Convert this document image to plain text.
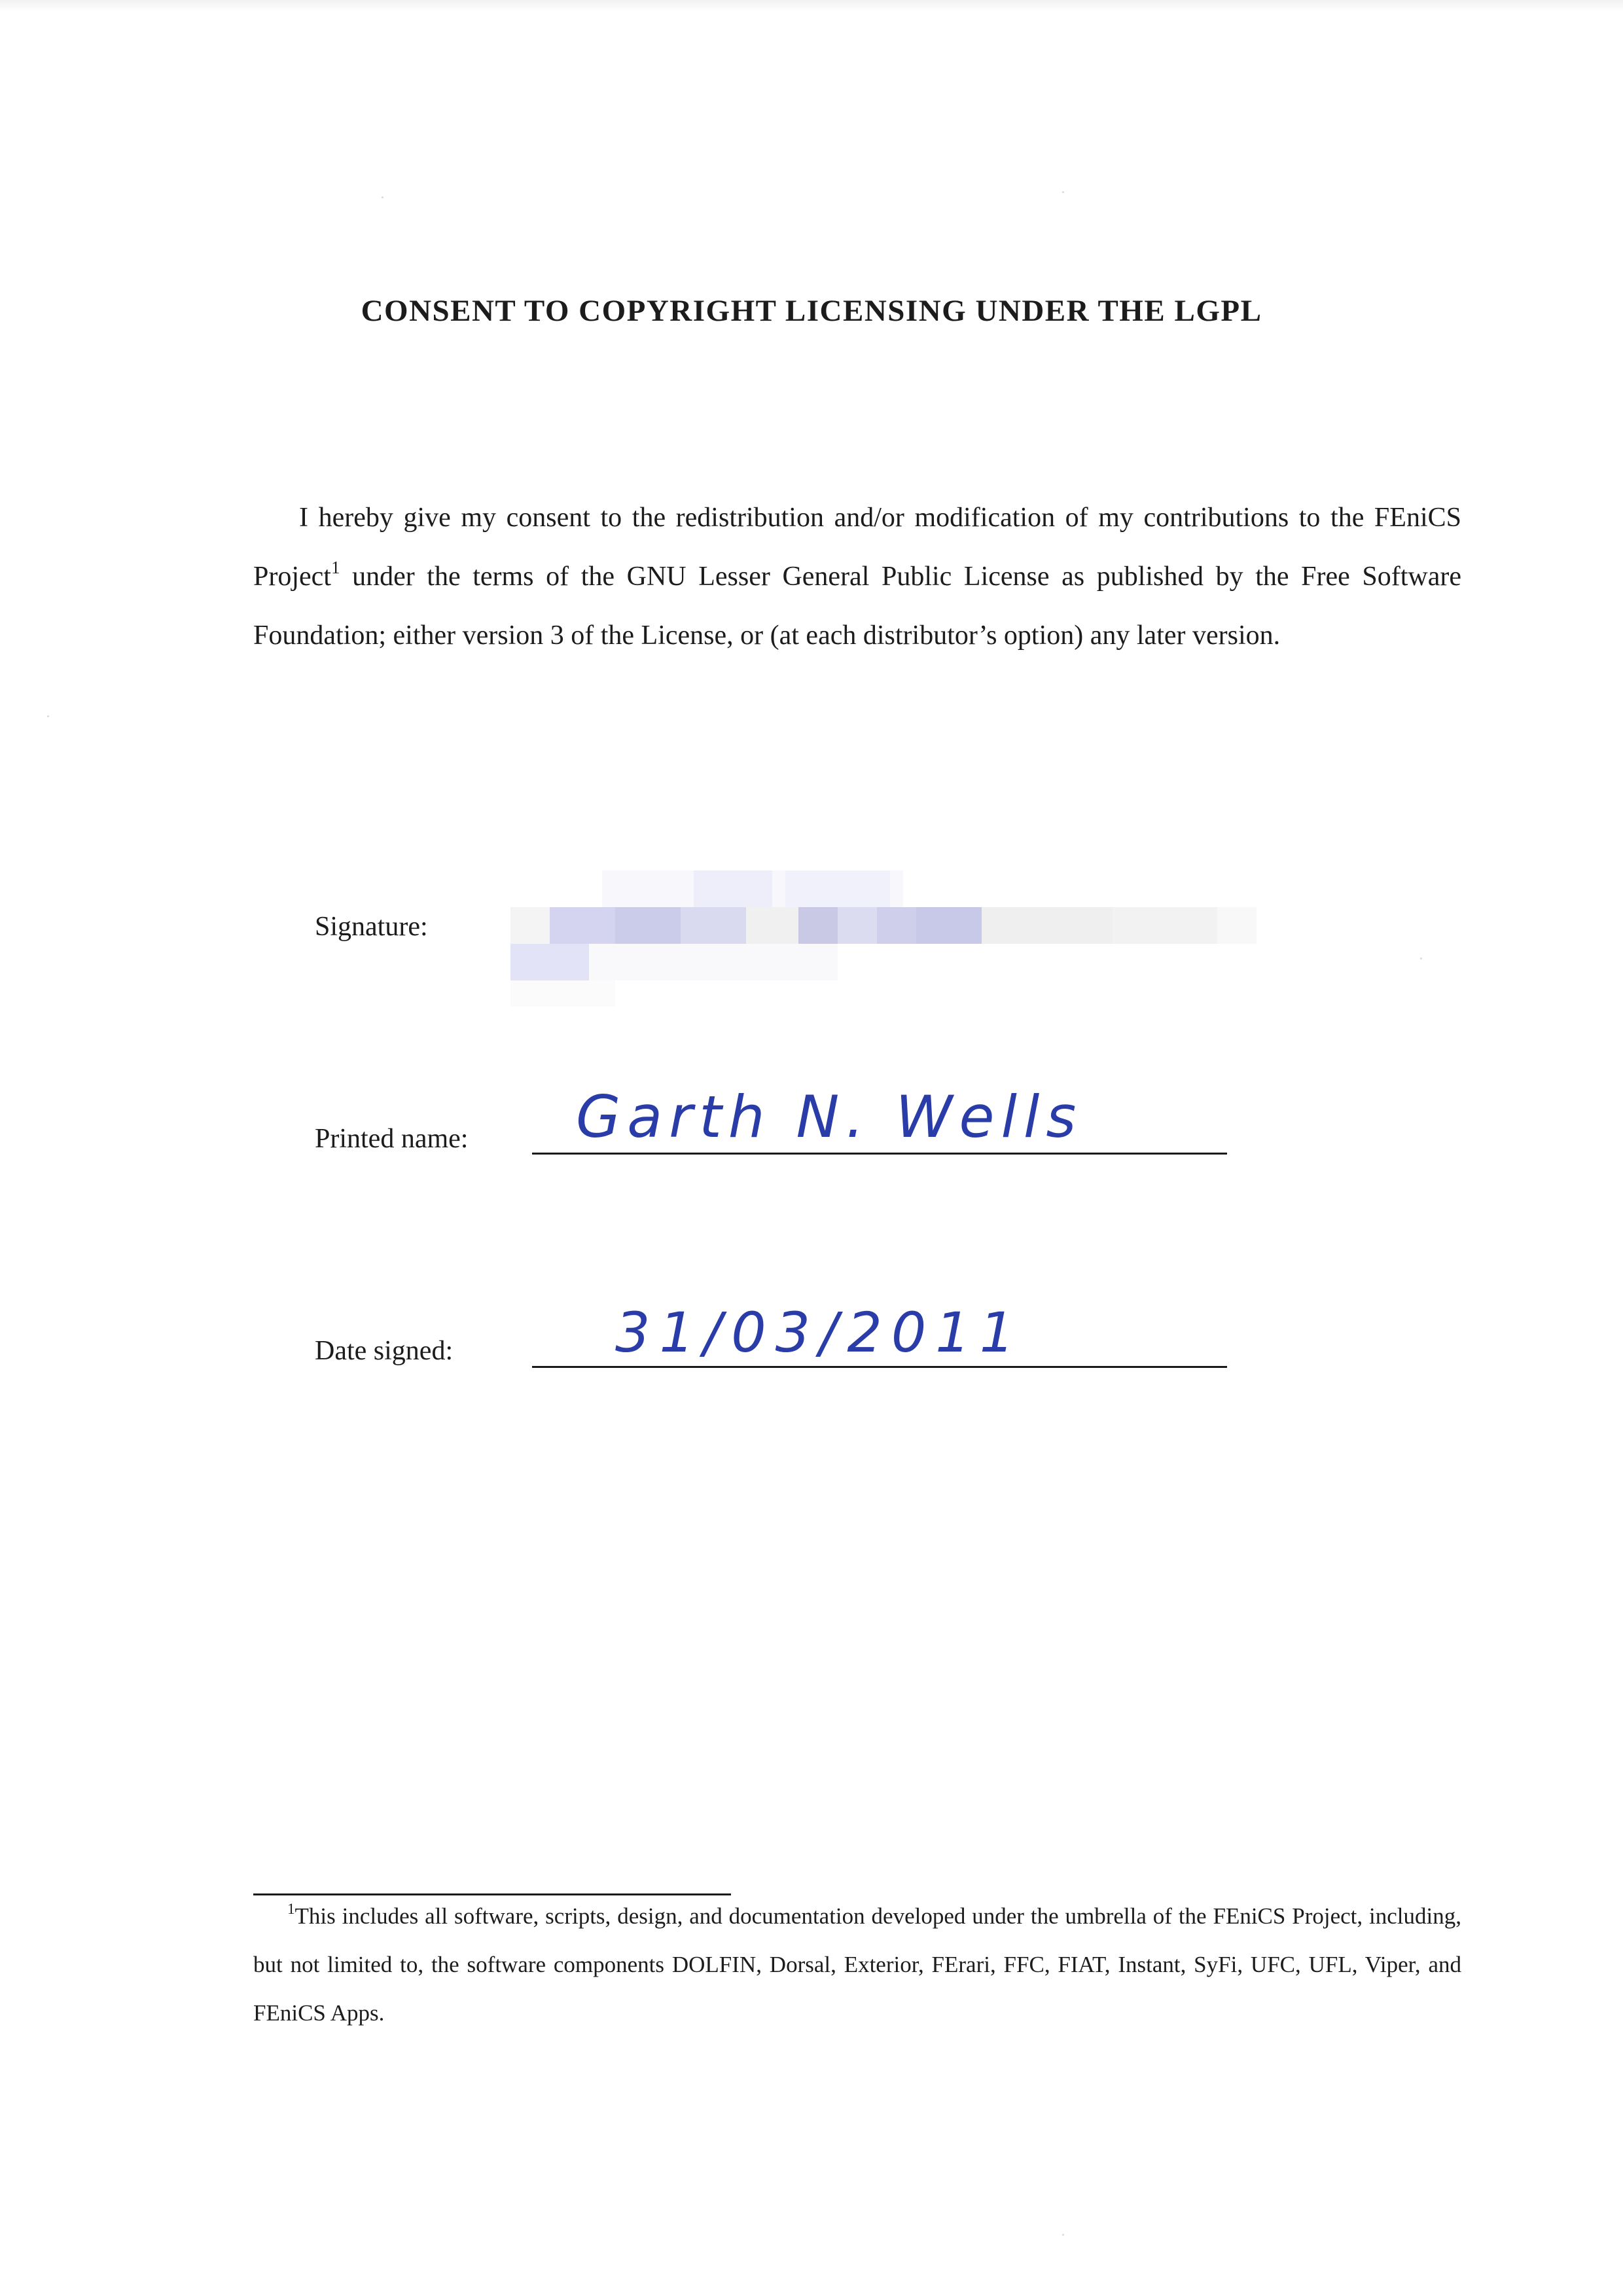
CONSENT TO COPYRIGHT LICENSING UNDER THE LGPL

I hereby give my consent to the redistribution and/or modification of my contributions to the FEniCS Project$^1$ under the terms of the GNU Lesser General Public License as published by the Free Software Foundation; either version 3 of the License, or (at each distributor’s option) any later version.

Signature:
Printed name: Garth N. Wells
Date signed:	31/03/2011

$^1$This includes all software, scripts, design, and documentation developed under the umbrella of the FEniCS Project, including, but not limited to, the software components DOLFIN, Dorsal, Exterior, FErari, FFC, FIAT, Instant, SyFi, UFC, UFL, Viper, and FEniCS Apps.
